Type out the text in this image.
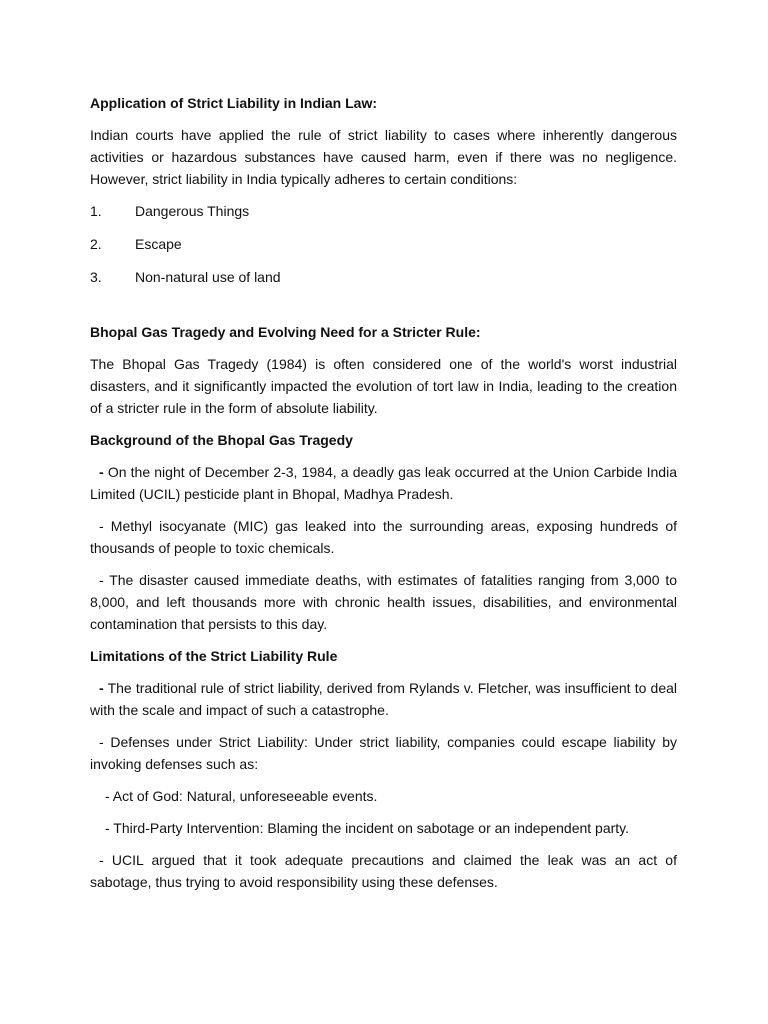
Application of Strict Liability in Indian Law:

Indian courts have applied the rule of strict liability to cases where inherently dangerous activities or hazardous substances have caused harm, even if there was no negligence. However, strict liability in India typically adheres to certain conditions:

1.	Dangerous Things
2.	Escape
3.	Non-natural use of land

Bhopal Gas Tragedy and Evolving Need for a Stricter Rule:

The Bhopal Gas Tragedy (1984) is often considered one of the world's worst industrial disasters, and it significantly impacted the evolution of tort law in India, leading to the creation of a stricter rule in the form of absolute liability.

Background of the Bhopal Gas Tragedy

- On the night of December 2-3, 1984, a deadly gas leak occurred at the Union Carbide India Limited (UCIL) pesticide plant in Bhopal, Madhya Pradesh.

- Methyl isocyanate (MIC) gas leaked into the surrounding areas, exposing hundreds of thousands of people to toxic chemicals.

- The disaster caused immediate deaths, with estimates of fatalities ranging from 3,000 to 8,000, and left thousands more with chronic health issues, disabilities, and environmental contamination that persists to this day.

Limitations of the Strict Liability Rule

- The traditional rule of strict liability, derived from Rylands v. Fletcher, was insufficient to deal with the scale and impact of such a catastrophe.

- Defenses under Strict Liability: Under strict liability, companies could escape liability by invoking defenses such as:

- Act of God: Natural, unforeseeable events.

- Third-Party Intervention: Blaming the incident on sabotage or an independent party.

- UCIL argued that it took adequate precautions and claimed the leak was an act of sabotage, thus trying to avoid responsibility using these defenses.
